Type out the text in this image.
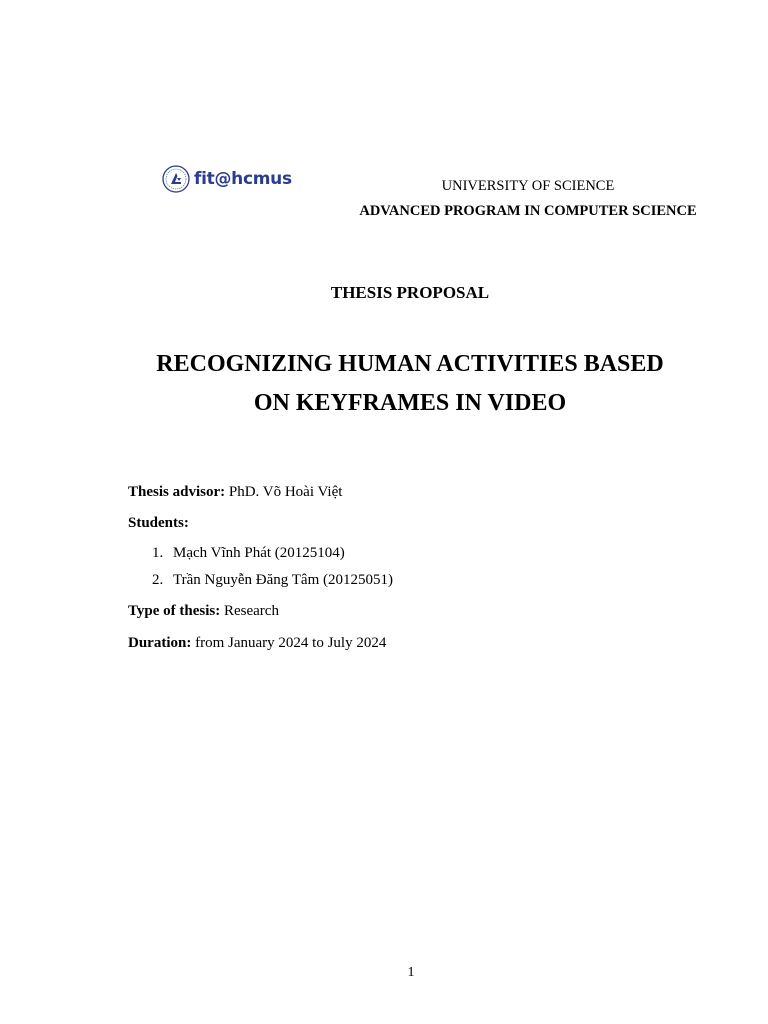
fit@hcmus	UNIVERSITY OF SCIENCE
ADVANCED PROGRAM IN COMPUTER SCIENCE
THESIS PROPOSAL
RECOGNIZING HUMAN ACTIVITIES BASED
ON KEYFRAMES IN VIDEO
Thesis advisor: PhD. Võ Hoài Việt
Students:
1. Mạch Vĩnh Phát (20125104)
2. Trần Nguyễn Đăng Tâm (20125051)
Type of thesis: Research
Duration: from January 2024 to July 2024
1
